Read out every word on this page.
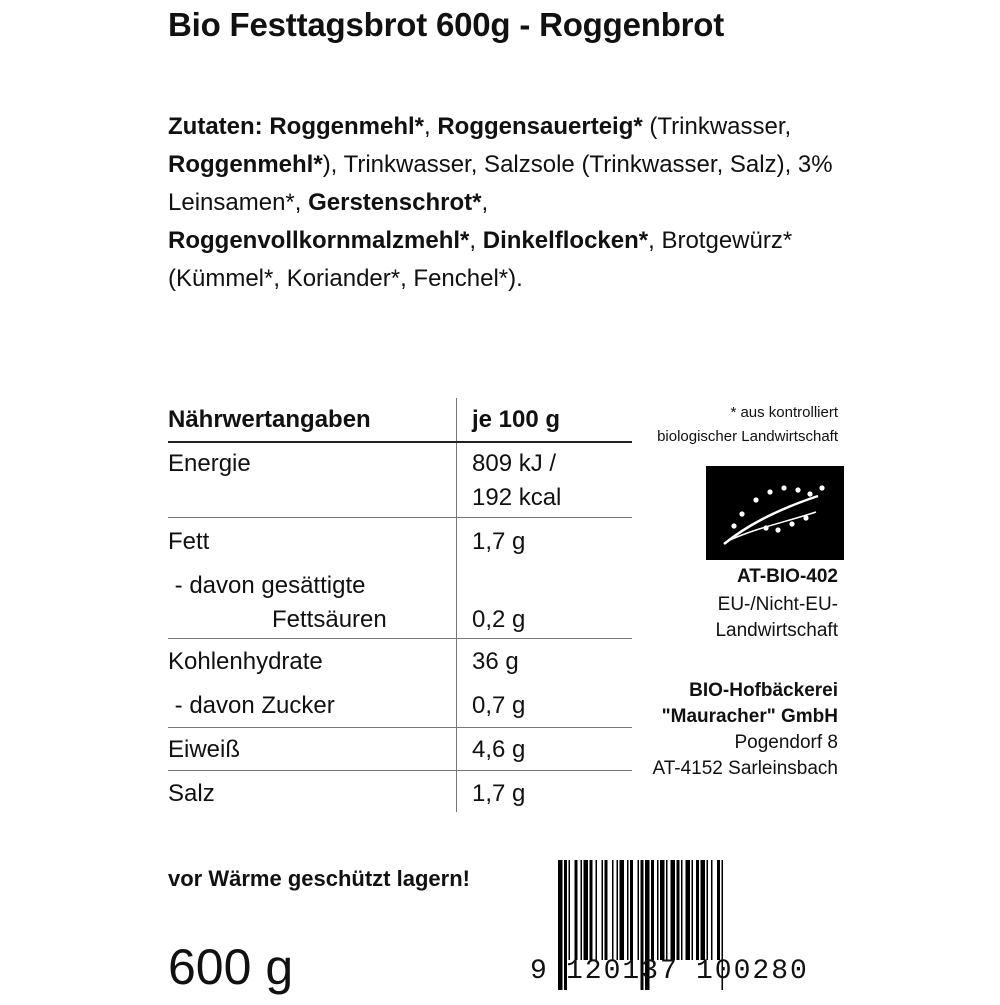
Bio Festtagsbrot 600g - Roggenbrot
Zutaten: Roggenmehl*, Roggensauerteig* (Trinkwasser, Roggenmehl*), Trinkwasser, Salzsole (Trinkwasser, Salz), 3% Leinsamen*, Gerstenschrot*,
Roggenvollkornmalzmehl*, Dinkelflocken*, Brotgewürz* (Kümmel*, Koriander*, Fenchel*).
Nährwertangaben	je 100 g
Energie	809 kJ /
192 kcal
Fett	1,7 g
- davon gesättigte
Fettsäuren	0,2 g
Kohlenhydrate	36 g
- davon Zucker	0,7 g
Eiweiß	4,6 g
Salz	1,7 g
* aus kontrolliert
biologischer Landwirtschaft
AT-BIO-402
EU-/Nicht-EU-
Landwirtschaft
BIO-Hofbäckerei
"Mauracher" GmbH
Pogendorf 8
AT-4152 Sarleinsbach
vor Wärme geschützt lagern!
600 g	9 120137 100280
